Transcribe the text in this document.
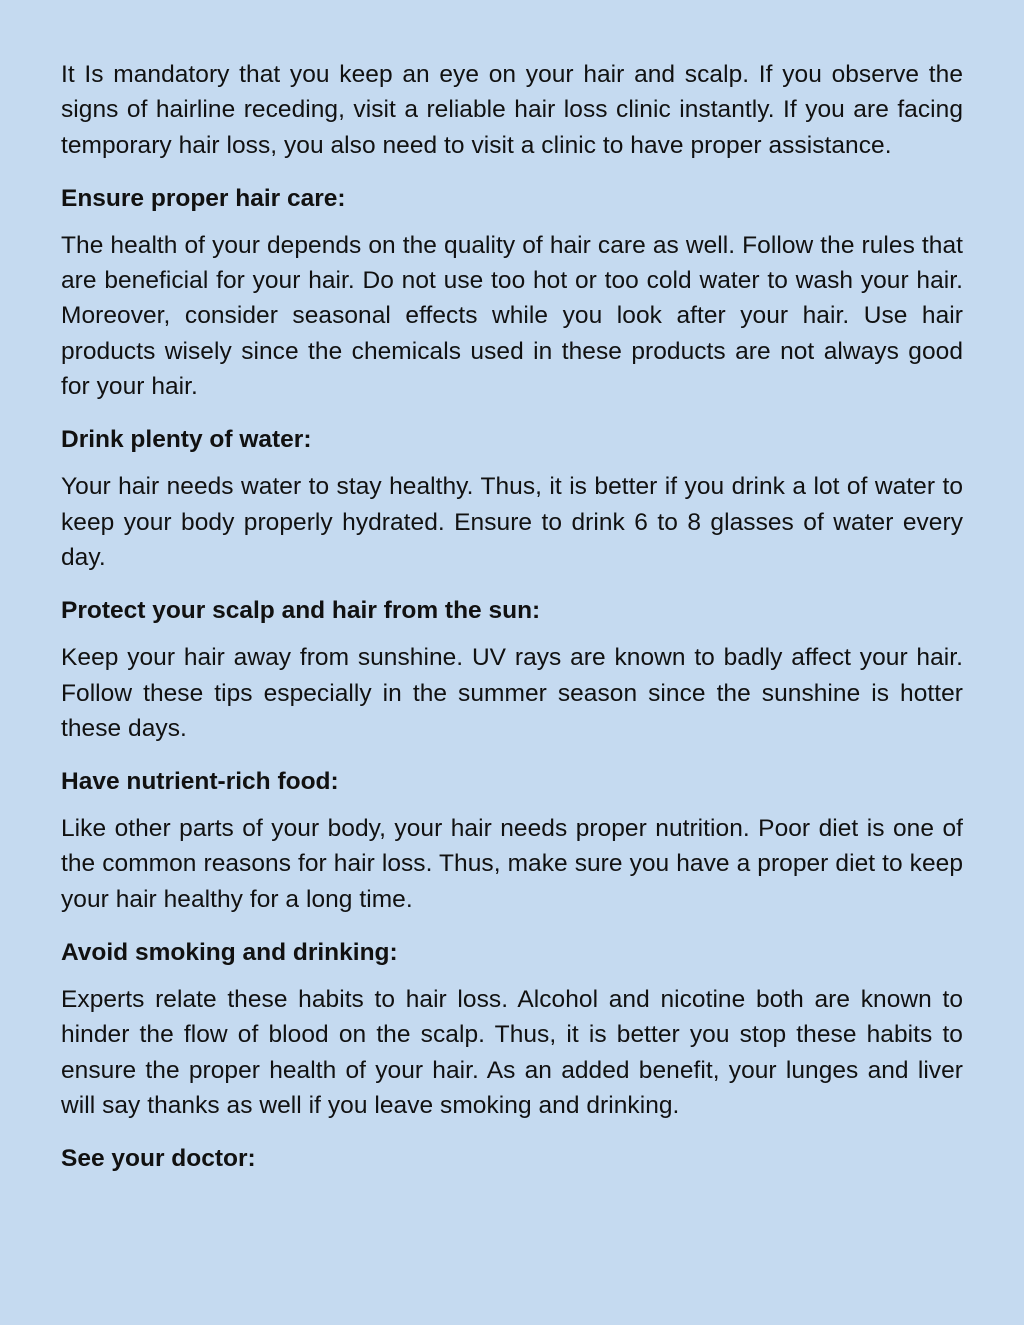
It Is mandatory that you keep an eye on your hair and scalp. If you observe the signs of hairline receding, visit a reliable hair loss clinic instantly. If you are facing temporary hair loss, you also need to visit a clinic to have proper assistance.

Ensure proper hair care:

The health of your depends on the quality of hair care as well. Follow the rules that are beneficial for your hair. Do not use too hot or too cold water to wash your hair. Moreover, consider seasonal effects while you look after your hair. Use hair products wisely since the chemicals used in these products are not always good for your hair.

Drink plenty of water:

Your hair needs water to stay healthy. Thus, it is better if you drink a lot of water to keep your body properly hydrated. Ensure to drink 6 to 8 glasses of water every day.

Protect your scalp and hair from the sun:

Keep your hair away from sunshine. UV rays are known to badly affect your hair. Follow these tips especially in the summer season since the sunshine is hotter these days.

Have nutrient-rich food:

Like other parts of your body, your hair needs proper nutrition. Poor diet is one of the common reasons for hair loss. Thus, make sure you have a proper diet to keep your hair healthy for a long time.

Avoid smoking and drinking:

Experts relate these habits to hair loss. Alcohol and nicotine both are known to hinder the flow of blood on the scalp. Thus, it is better you stop these habits to ensure the proper health of your hair. As an added benefit, your lunges and liver will say thanks as well if you leave smoking and drinking.

See your doctor:
